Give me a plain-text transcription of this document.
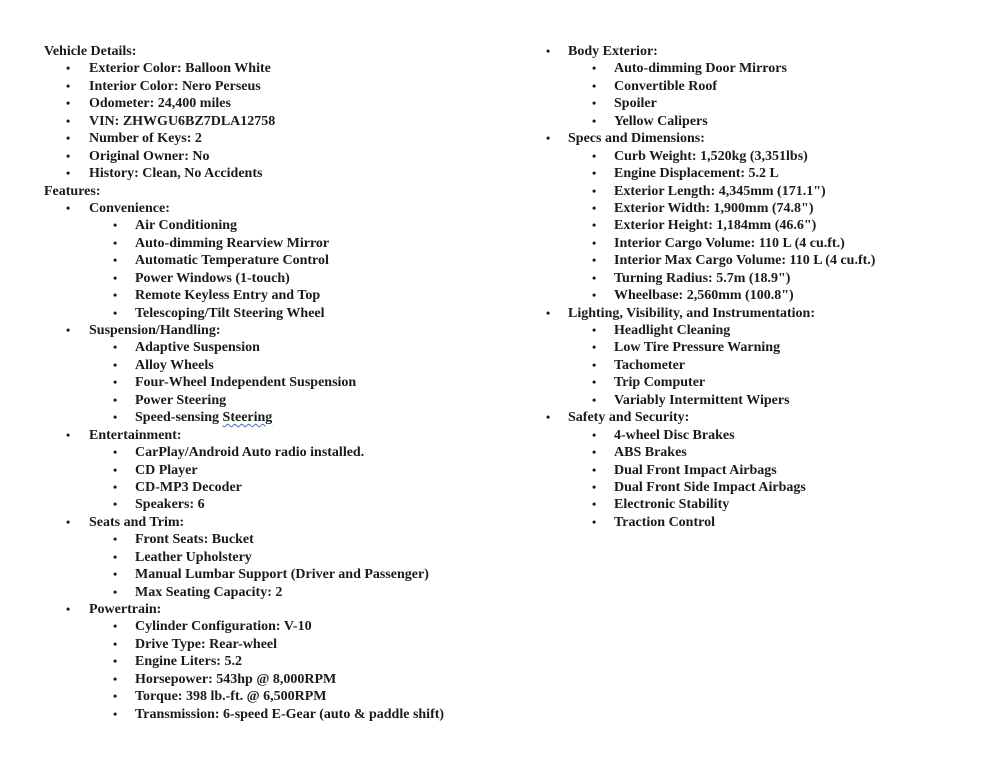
Vehicle Details:
• Exterior Color: Balloon White
• Interior Color: Nero Perseus
• Odometer: 24,400 miles
• VIN: ZHWGU6BZ7DLA12758
• Number of Keys: 2
• Original Owner: No
• History: Clean, No Accidents
Features:
• Convenience:
• Air Conditioning
• Auto-dimming Rearview Mirror
• Automatic Temperature Control
• Power Windows (1-touch)
• Remote Keyless Entry and Top
• Telescoping/Tilt Steering Wheel
• Suspension/Handling:
• Adaptive Suspension
• Alloy Wheels
• Four-Wheel Independent Suspension
• Power Steering
• Speed-sensing Steering
• Entertainment:
• CarPlay/Android Auto radio installed.
• CD Player
• CD-MP3 Decoder
• Speakers: 6
• Seats and Trim:
• Front Seats: Bucket
• Leather Upholstery
• Manual Lumbar Support (Driver and Passenger)
• Max Seating Capacity: 2
• Powertrain:
• Cylinder Configuration: V-10
• Drive Type: Rear-wheel
• Engine Liters: 5.2
• Horsepower: 543hp @ 8,000RPM
• Torque: 398 lb.-ft. @ 6,500RPM
• Transmission: 6-speed E-Gear (auto & paddle shift)
• Body Exterior:
• Auto-dimming Door Mirrors
• Convertible Roof
• Spoiler
• Yellow Calipers
• Specs and Dimensions:
• Curb Weight: 1,520kg (3,351lbs)
• Engine Displacement: 5.2 L
• Exterior Length: 4,345mm (171.1")
• Exterior Width: 1,900mm (74.8")
• Exterior Height: 1,184mm (46.6")
• Interior Cargo Volume: 110 L (4 cu.ft.)
• Interior Max Cargo Volume: 110 L (4 cu.ft.)
• Turning Radius: 5.7m (18.9")
• Wheelbase: 2,560mm (100.8")
• Lighting, Visibility, and Instrumentation:
• Headlight Cleaning
• Low Tire Pressure Warning
• Tachometer
• Trip Computer
• Variably Intermittent Wipers
• Safety and Security:
• 4-wheel Disc Brakes
• ABS Brakes
• Dual Front Impact Airbags
• Dual Front Side Impact Airbags
• Electronic Stability
• Traction Control
